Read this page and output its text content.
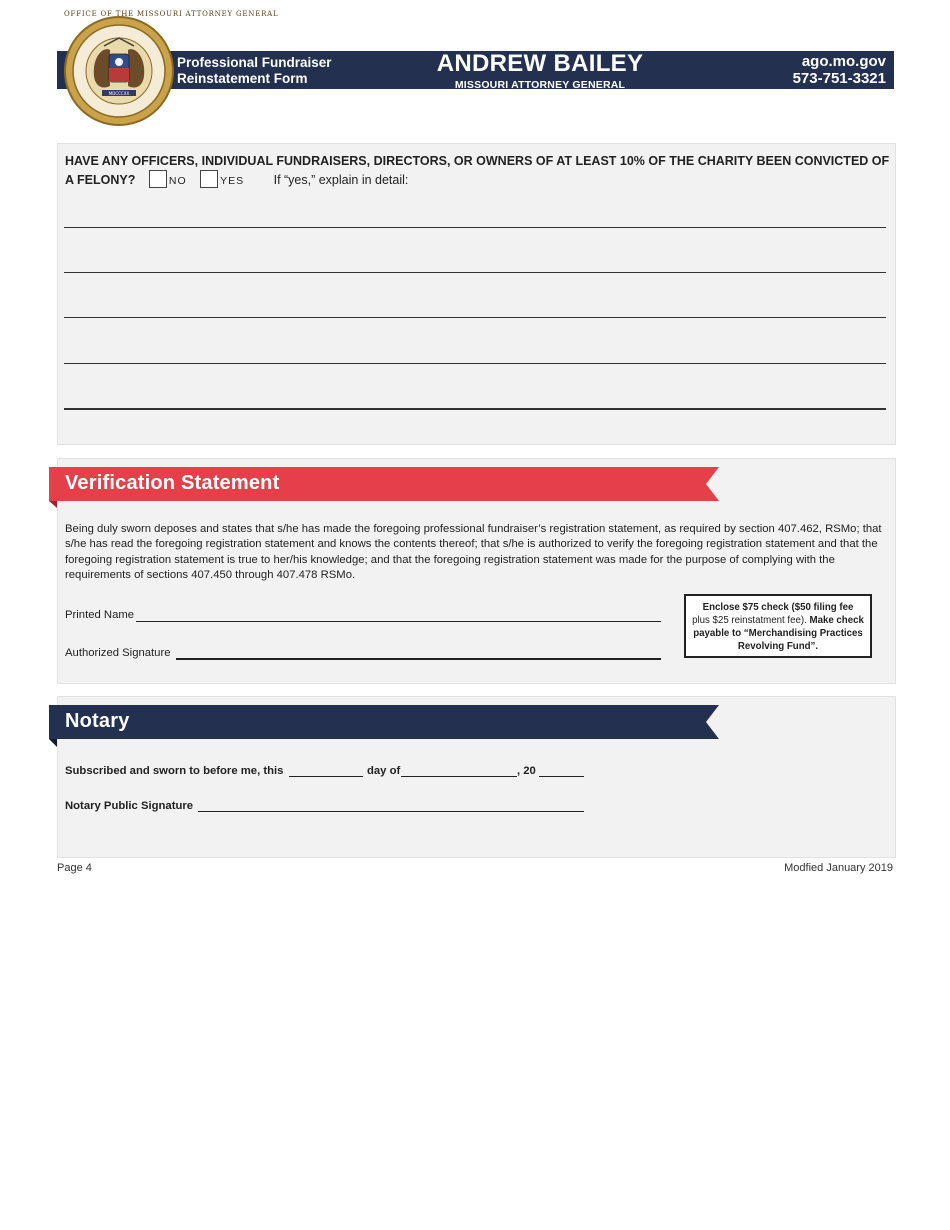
MDCCCXX
OFFICE OF THE MISSOURI ATTORNEY GENERAL
Professional Fundraiser
Reinstatement Form
ANDREW BAILEY
MISSOURI ATTORNEY GENERAL
ago.mo.gov
573-751-3321
HAVE ANY OFFICERS, INDIVIDUAL FUNDRAISERS, DIRECTORS, OR OWNERS OF AT LEAST 10% OF THE CHARITY BEEN CONVICTED OF A FELONY?	NO	YES If “yes,” explain in detail:
Verification Statement
Being duly sworn deposes and states that s/he has made the foregoing professional fundraiser’s registration statement, as required by section 407.462, RSMo; that s/he has read the foregoing registration statement and knows the contents thereof; that s/he is authorized to verify the foregoing registration statement and that the foregoing registration statement is true to her/his knowledge; and that the foregoing registration statement was made for the purpose of complying with the requirements of sections 407.450 through 407.478 RSMo.
Printed Name
Authorized Signature
Enclose $75 check ($50 filing fee
plus $25 reinstatment fee). Make check payable to “Merchandising Practices Revolving Fund”.
Notary
Subscribed and sworn to before me, this	day of	, 20
Notary Public Signature
Page 4	Modfied January 2019
